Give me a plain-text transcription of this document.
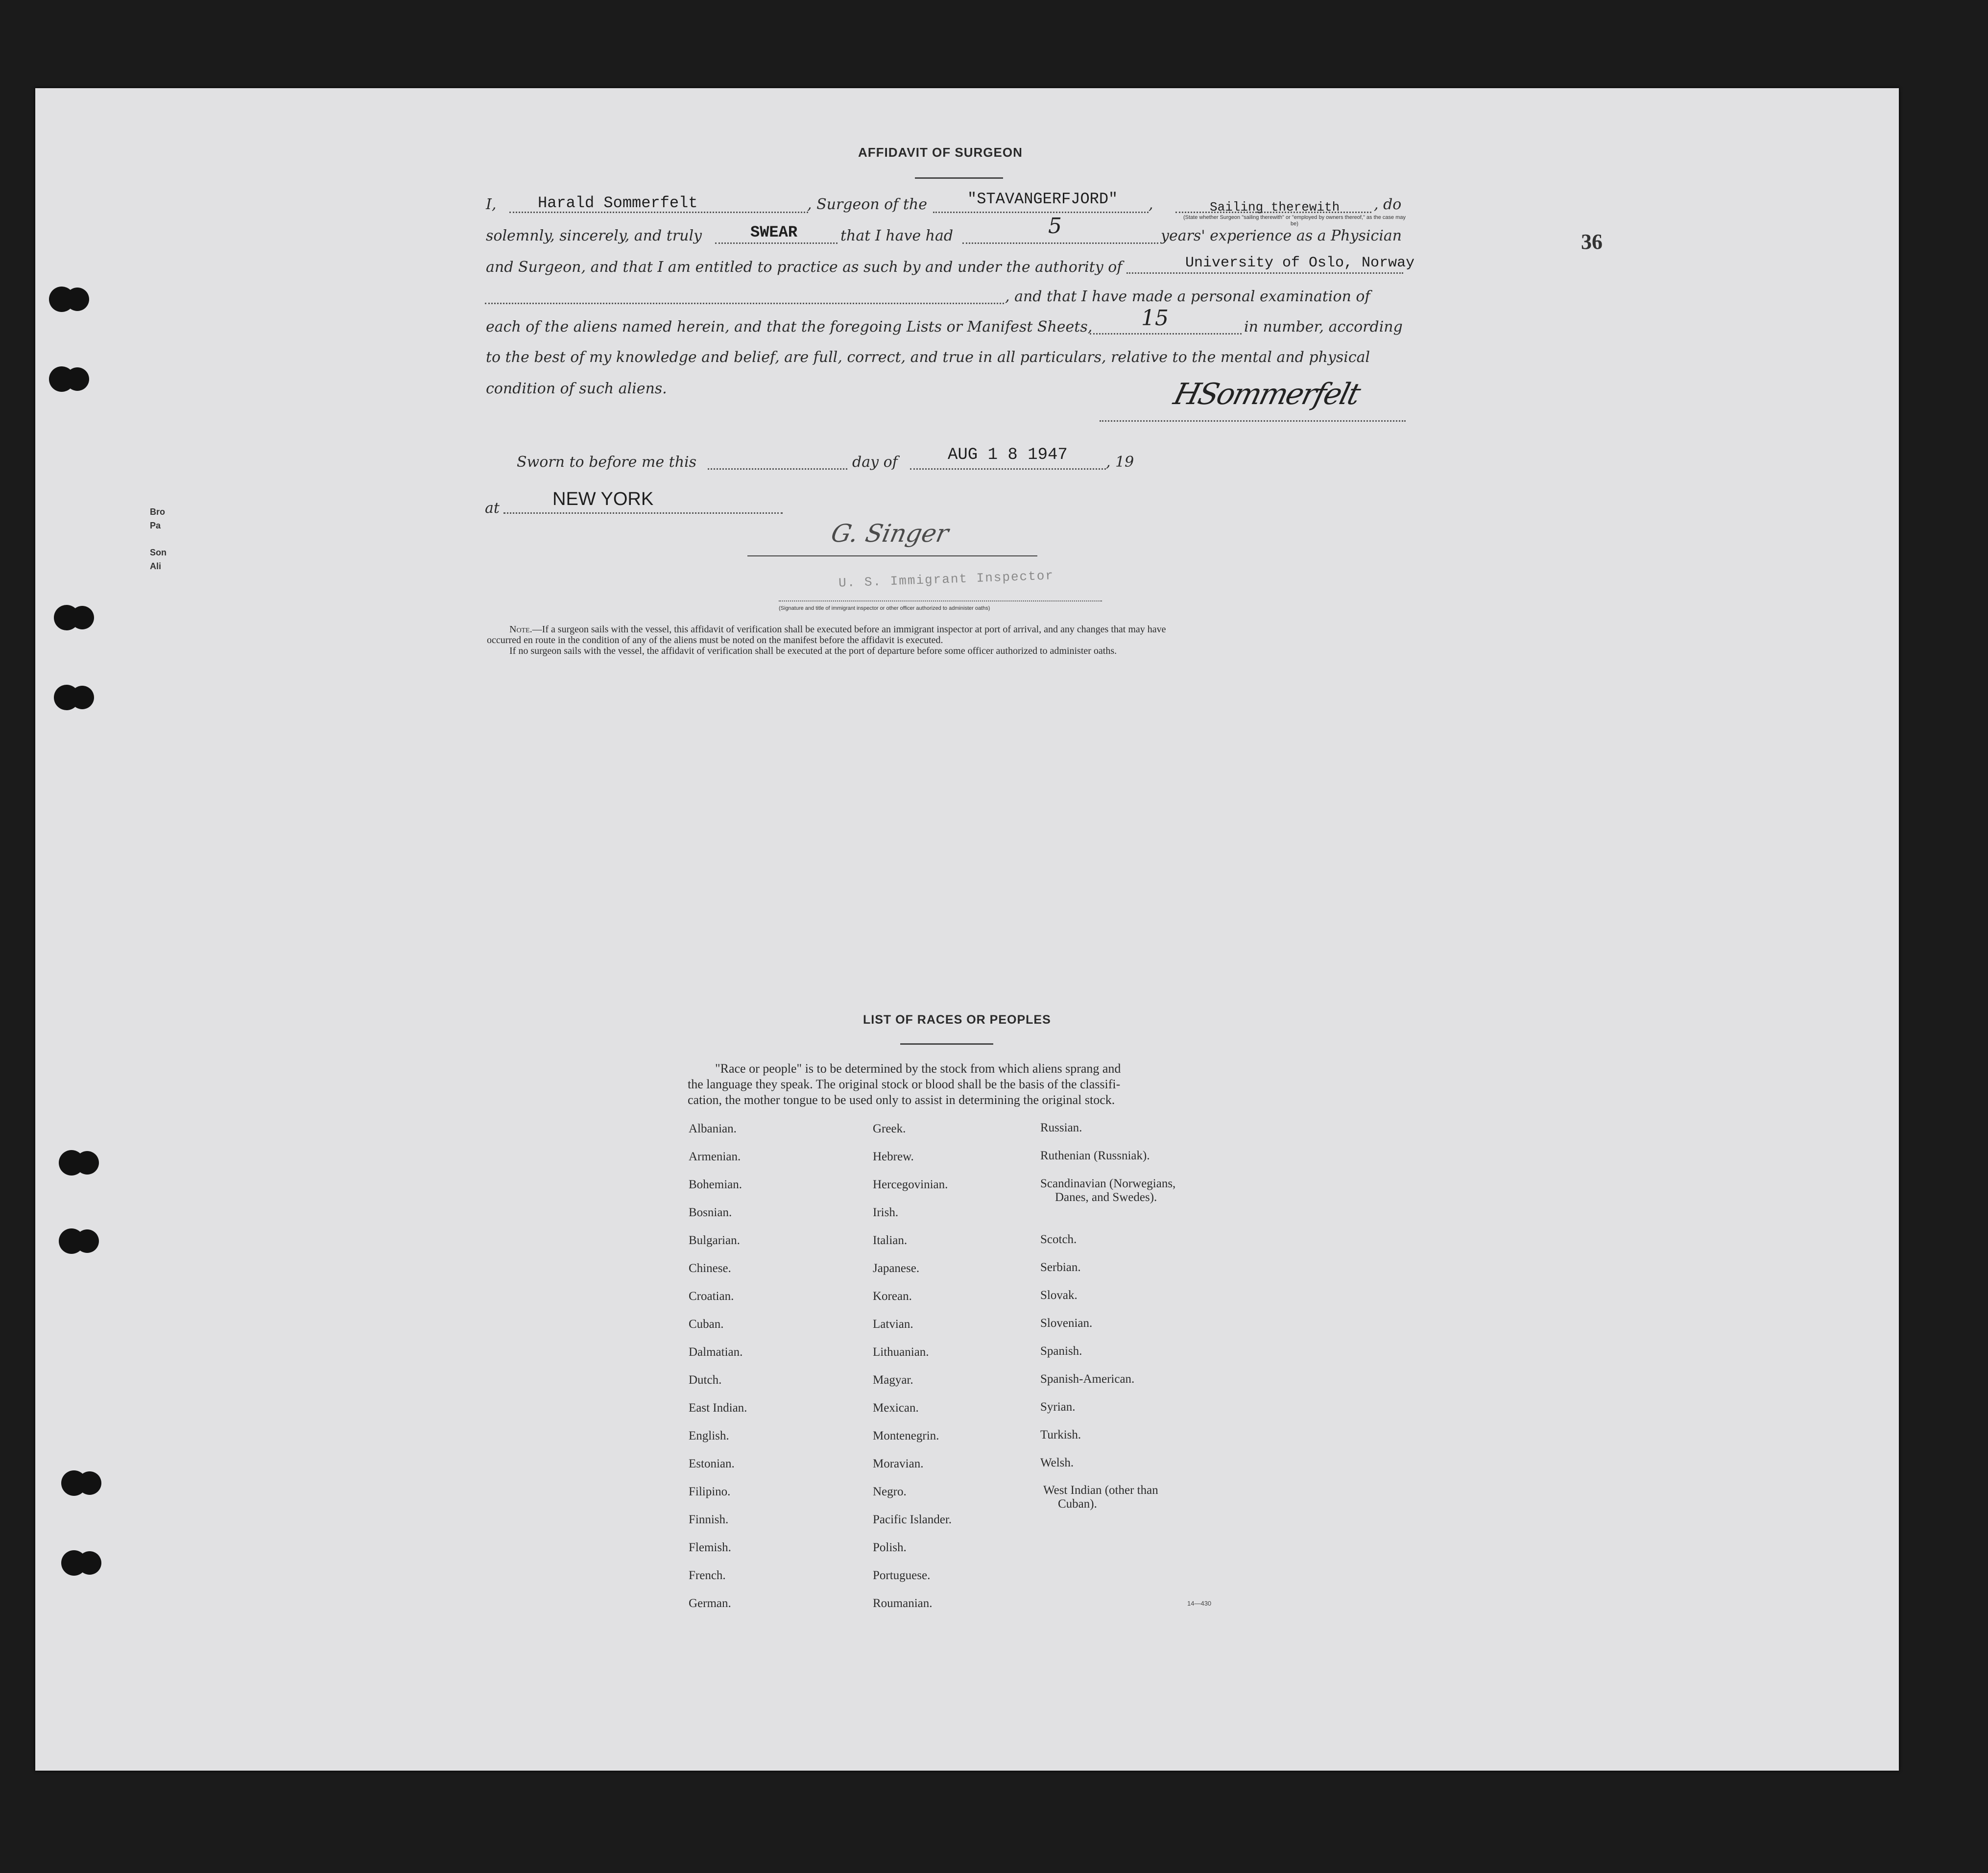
Bro
Pa
Son
Ali
36
AFFIDAVIT OF SURGEON
I,	Harald Sommerfelt	, Surgeon of the	"STAVANGERFJORD" ,	Sailing therewith , do
(State whether Surgeon "sailing therewith" or "employed by owners thereof," as the case may be)
solemnly, sincerely, and truly	SWEAR	that I have had	5	years' experience as a Physician
and Surgeon, and that I am entitled to practice as such by and under the authority of	University of Oslo, Norway
, and that I have made a personal examination of
each of the aliens named herein, and that the foregoing Lists or Manifest Sheets, 15	in number, according
to the best of my knowledge and belief, are full, correct, and true in all particulars, relative to the mental and physical
condition of such aliens.	HSommerfelt
Sworn to before me this	day of	AUG 1 8 1947	, 19
at	NEW YORK
G. Singer
U. S. Immigrant Inspector
(Signature and title of immigrant inspector or other officer authorized to administer oaths)
Note.—If a surgeon sails with the vessel, this affidavit of verification shall be executed before an immigrant inspector at port of arrival, and any changes that may have
occurred en route in the condition of any of the aliens must be noted on the manifest before the affidavit is executed.
If no surgeon sails with the vessel, the affidavit of verification shall be executed at the port of departure before some officer authorized to administer oaths.
LIST OF RACES OR PEOPLES
"Race or people" is to be determined by the stock from which aliens sprang and
the language they speak. The original stock or blood shall be the basis of the classifi-
cation, the mother tongue to be used only to assist in determining the original stock.
Albanian.
Armenian.
Bohemian.
Bosnian.
Bulgarian.
Chinese.
Croatian.
Cuban.
Dalmatian.
Dutch.
East Indian.
English.
Estonian.
Filipino.
Finnish.
Flemish.
French.
German.
Greek.
Hebrew.
Hercegovinian.
Irish.
Italian.
Japanese.
Korean.
Latvian.
Lithuanian.
Magyar.
Mexican.
Montenegrin.
Moravian.
Negro.
Pacific Islander.
Polish.
Portuguese.
Roumanian.
Russian.
Ruthenian (Russniak).
Scandinavian (Norwegians,
Danes, and Swedes).
Scotch.
Serbian.
Slovak.
Slovenian.
Spanish.
Spanish-American.
Syrian.
Turkish.
Welsh.
West Indian (other than
Cuban).
14—430
